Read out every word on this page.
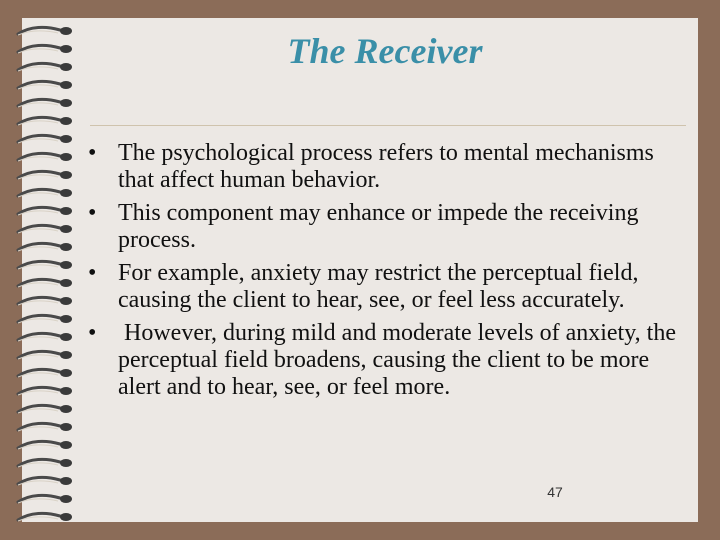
The Receiver
• The psychological process refers to mental mechanisms that affect human behavior.
• This component may enhance or impede the receiving process.
• For example, anxiety may restrict the perceptual field, causing the client to hear, see, or feel less accurately.
• However, during mild and moderate levels of anxiety, the perceptual field broadens, causing the client to be more alert and to hear, see, or feel more.
47
